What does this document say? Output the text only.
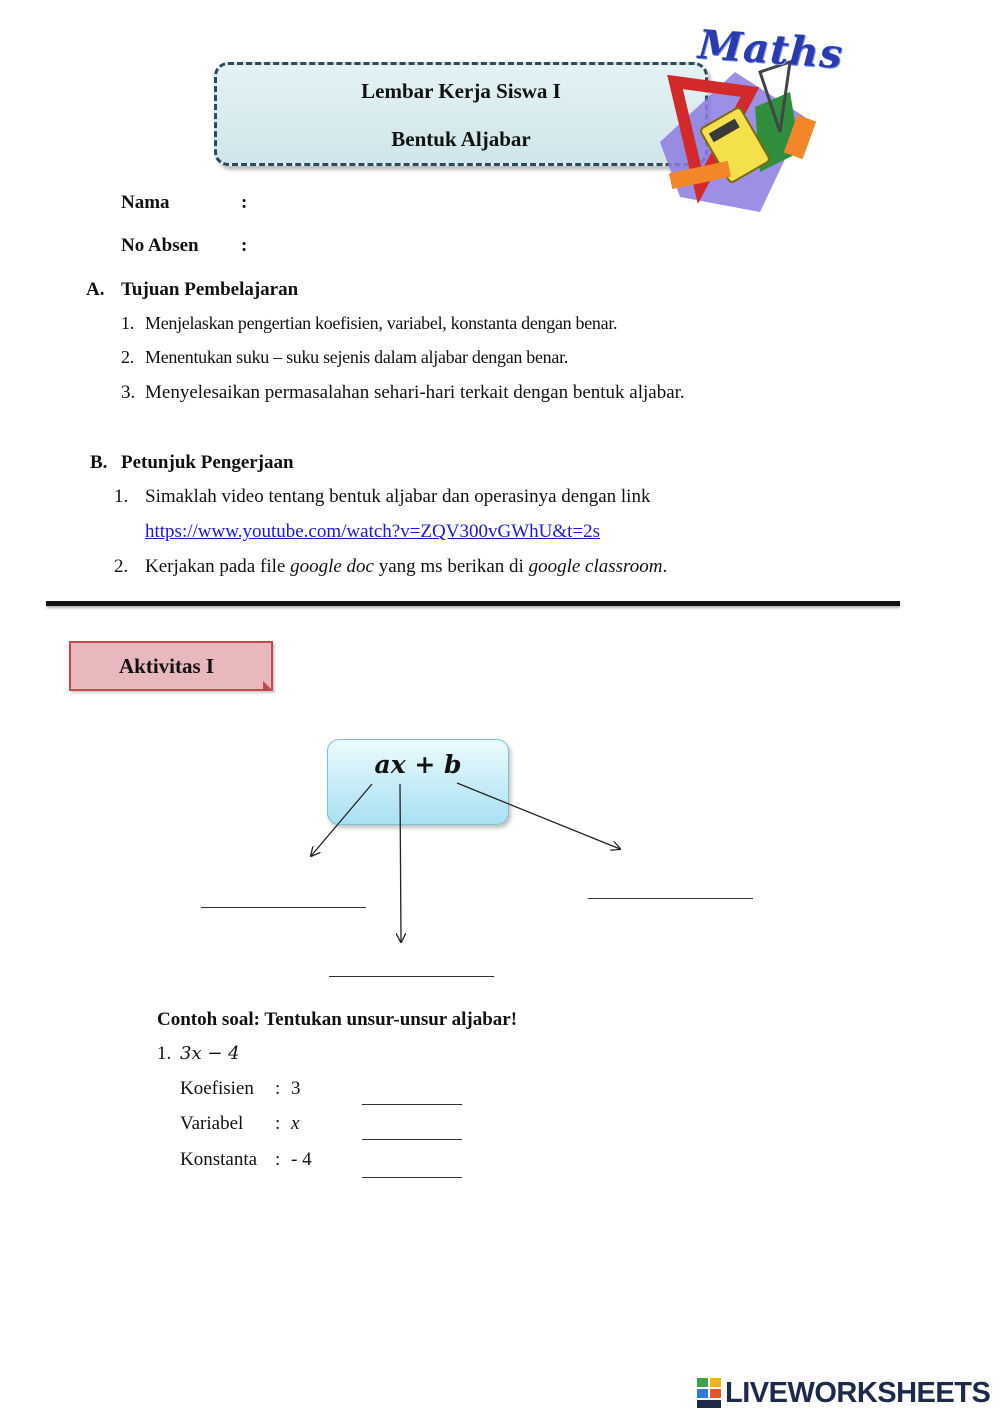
Lembar Kerja Siswa I
Bentuk Aljabar
Maths
Nama	:
No Absen :
A. Tujuan Pembelajaran
1. Menjelaskan pengertian koefisien, variabel, konstanta dengan benar.
2. Menentukan suku – suku sejenis dalam aljabar dengan benar.
3. Menyelesaikan permasalahan sehari-hari terkait dengan bentuk aljabar.
B. Petunjuk Pengerjaan
1. Simaklah video tentang bentuk aljabar dan operasinya dengan link
https://www.youtube.com/watch?v=ZQV300vGWhU&t=2s
2. Kerjakan pada file google doc yang ms berikan di google classroom.
Aktivitas I
ax + b
Contoh soal: Tentukan unsur-unsur aljabar!
1. 3x − 4
Koefisien : 3
Variabel : x
Konstanta : - 4
LIVEWORKSHEETS
